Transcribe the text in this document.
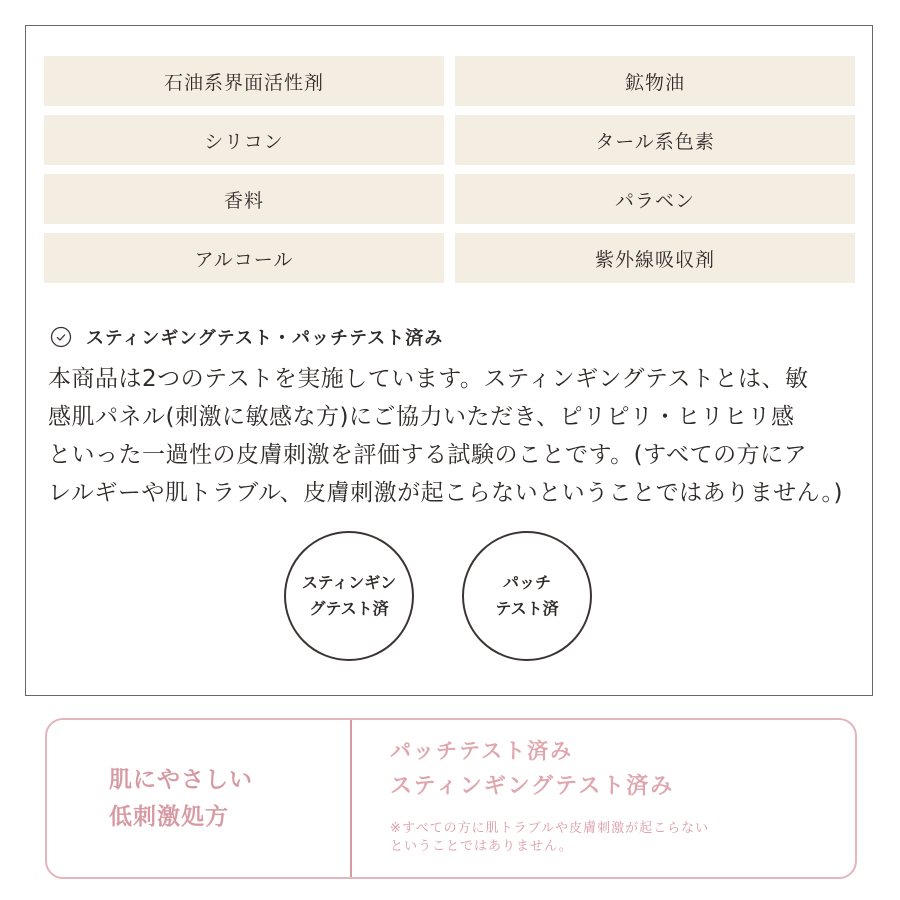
石油系界面活性剤	鉱物油
シリコン	タール系色素
香料	パラベン
アルコール	紫外線吸収剤
スティンギングテスト・パッチテスト済み
本商品は2つのテストを実施しています。スティンギングテストとは、敏
感肌パネル(刺激に敏感な方)にご協力いただき、ピリピリ・ヒリヒリ感
といった一過性の皮膚刺激を評価する試験のことです。(すべての方にア
レルギーや肌トラブル、皮膚刺激が起こらないということではありません。)
スティンギン
グテスト済
パッチ
テスト済
肌にやさしい
低刺激処方
パッチテスト済み
スティンギングテスト済み
※すべての方に肌トラブルや皮膚刺激が起こらない
ということではありません。
